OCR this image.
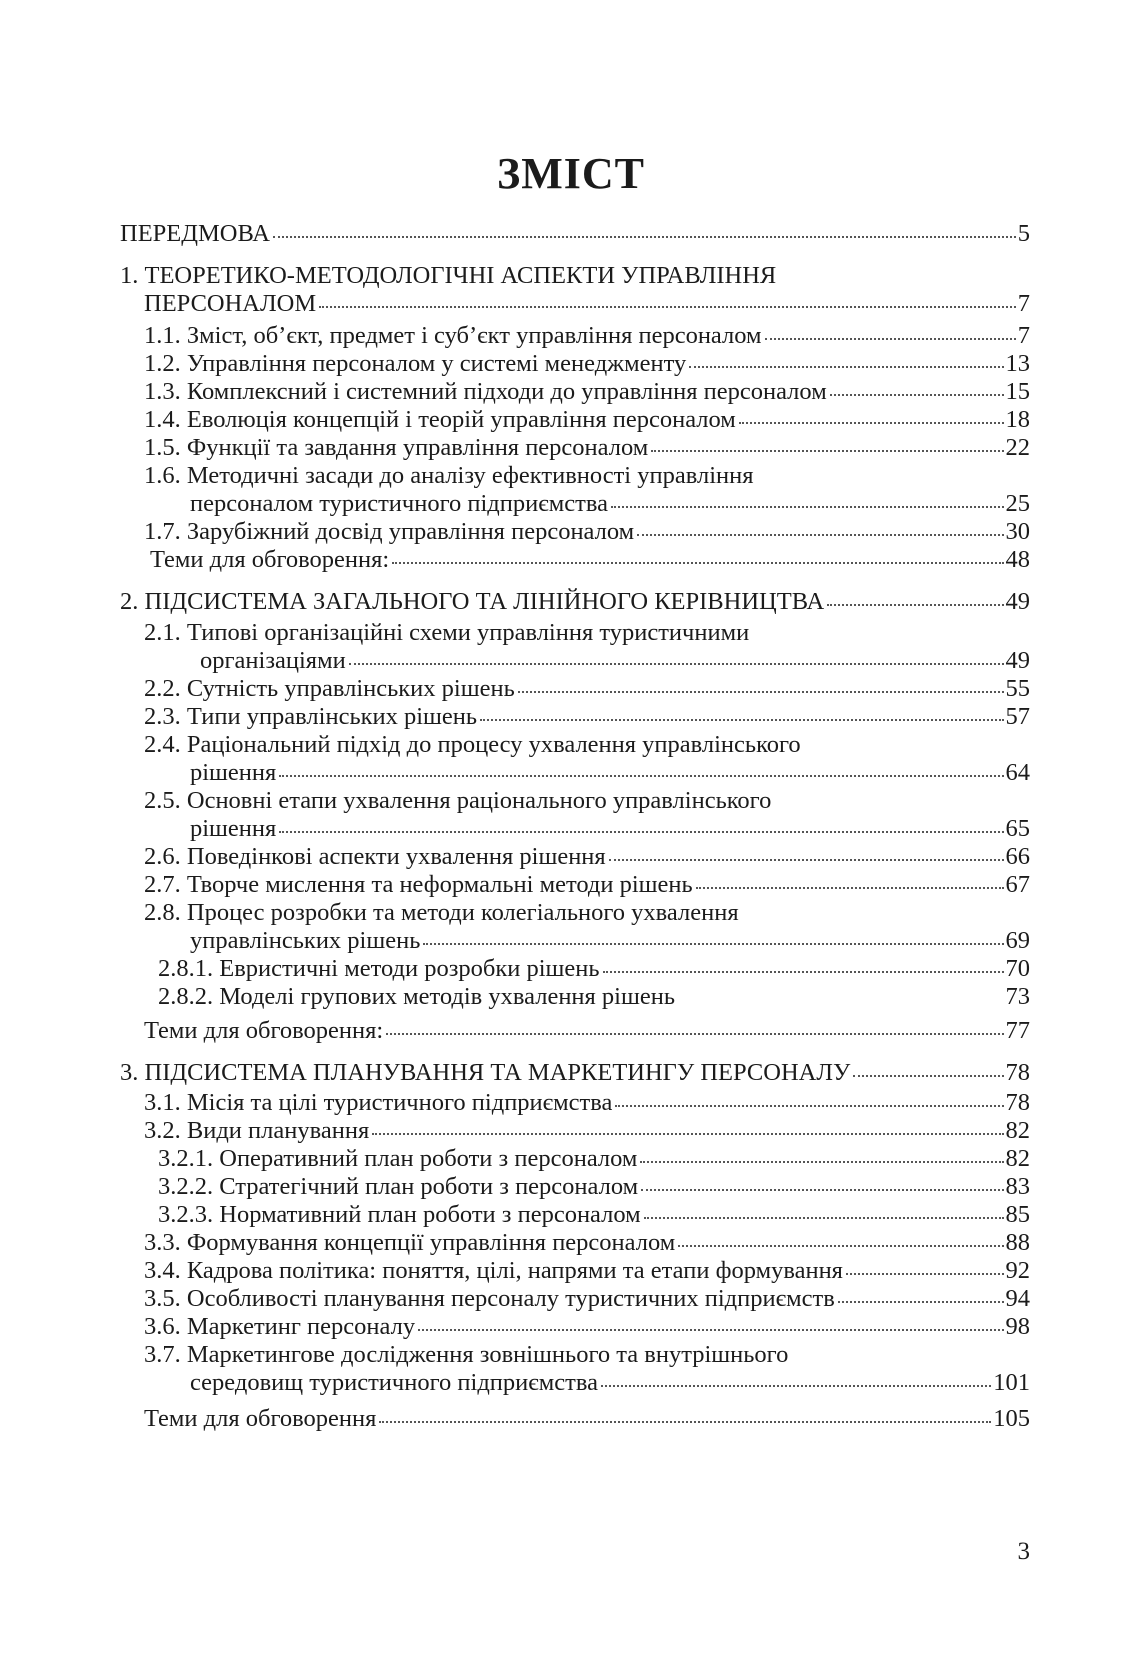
ЗМІСТ
ПЕРЕДМОВА	5
1. ТЕОРЕТИКО-МЕТОДОЛОГІЧНІ АСПЕКТИ УПРАВЛІННЯ
ПЕРСОНАЛОМ	7
1.1. Зміст, об’єкт, предмет і суб’єкт управління персоналом	7
1.2. Управління персоналом у системі менеджменту	13
1.3. Комплексний і системний підходи до управління персоналом	15
1.4. Еволюція концепцій і теорій управління персоналом	18
1.5. Функції та завдання управління персоналом	22
1.6. Методичні засади до аналізу ефективності управління
персоналом туристичного підприємства	25
1.7. Зарубіжний досвід управління персоналом	30
Теми для обговорення:	48
2. ПІДСИСТЕМА ЗАГАЛЬНОГО ТА ЛІНІЙНОГО КЕРІВНИЦТВА	49
2.1. Типові організаційні схеми управління туристичними
організаціями	49
2.2. Сутність управлінських рішень	55
2.3. Типи управлінських рішень	57
2.4. Раціональний підхід до процесу ухвалення управлінського
рішення	64
2.5. Основні етапи ухвалення раціонального управлінського
рішення	65
2.6. Поведінкові аспекти ухвалення рішення	66
2.7. Творче мислення та неформальні методи рішень	67
2.8. Процес розробки та методи колегіального ухвалення
управлінських рішень	69
2.8.1. Евристичні методи розробки рішень	70
2.8.2. Моделі групових методів ухвалення рішень	73
Теми для обговорення:	77
3. ПІДСИСТЕМА ПЛАНУВАННЯ ТА МАРКЕТИНГУ ПЕРСОНАЛУ	78
3.1. Місія та цілі туристичного підприємства	78
3.2. Види планування	82
3.2.1. Оперативний план роботи з персоналом	82
3.2.2. Стратегічний план роботи з персоналом	83
3.2.3. Нормативний план роботи з персоналом	85
3.3. Формування концепції управління персоналом	88
3.4. Кадрова політика: поняття, цілі, напрями та етапи формування	92
3.5. Особливості планування персоналу туристичних підприємств	94
3.6. Маркетинг персоналу	98
3.7. Маркетингове дослідження зовнішнього та внутрішнього
середовищ туристичного підприємства	101
Теми для обговорення	105
3
